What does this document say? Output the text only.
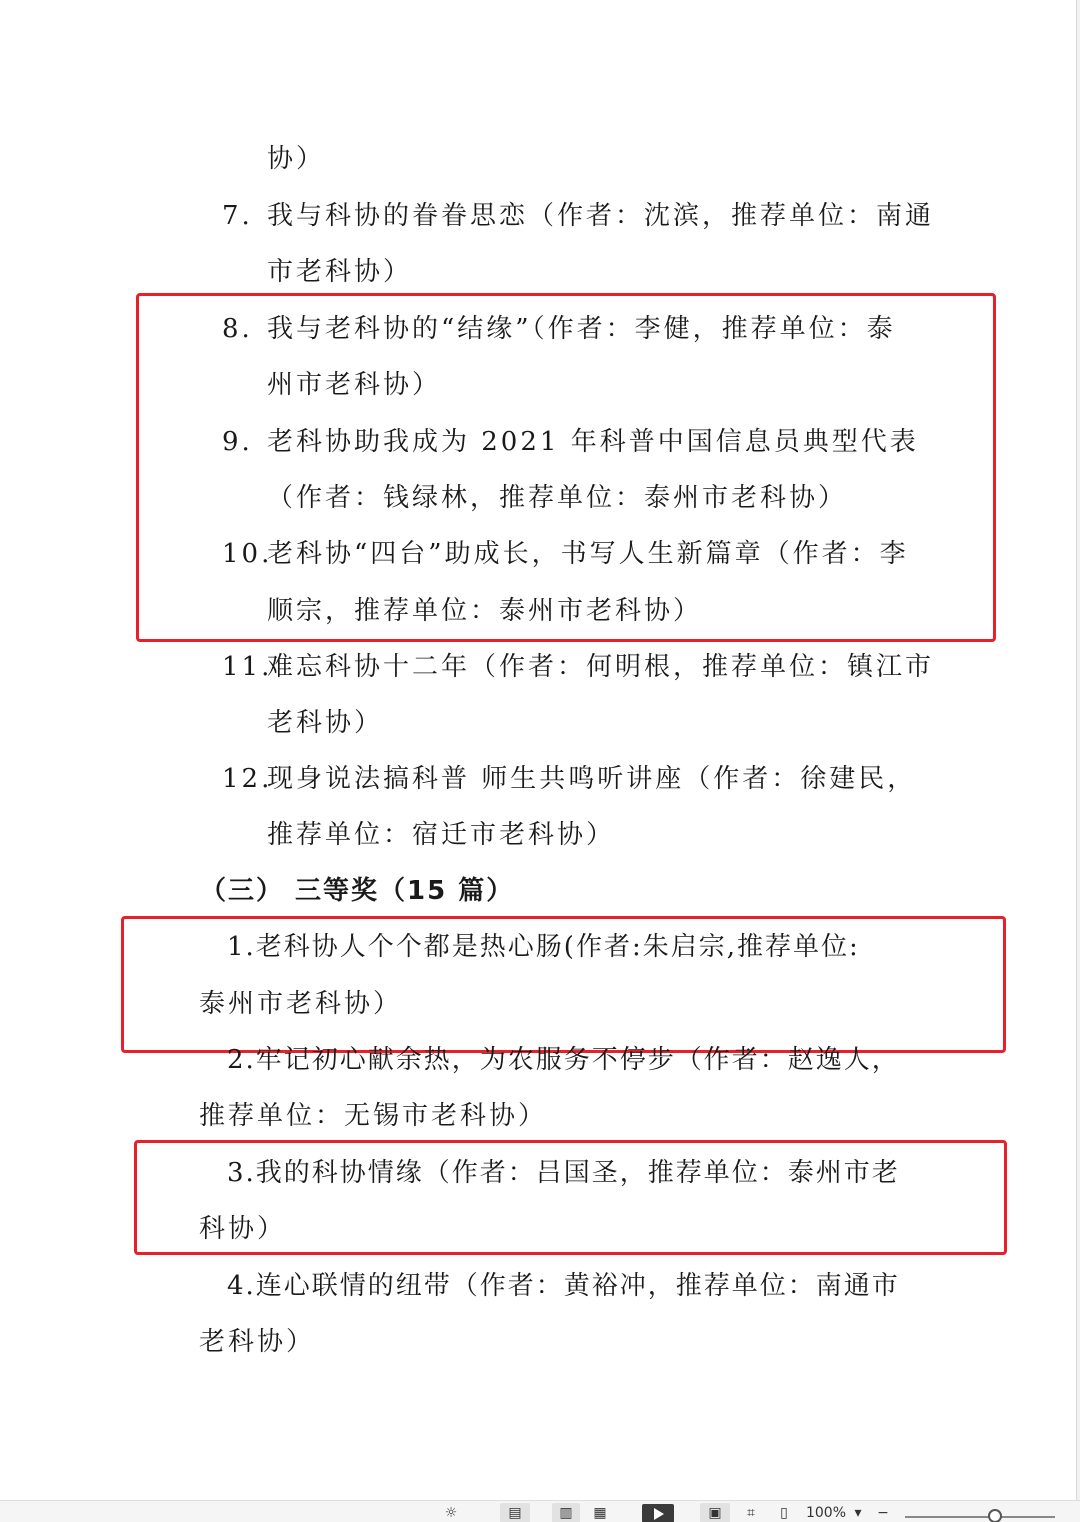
协）
7. 我与科协的眷眷思恋（作者：沈滨，推荐单位：南通
市老科协）
8. 我与老科协的“结缘”（作者：李健，推荐单位：泰
州市老科协）
9. 老科协助我成为 2021 年科普中国信息员典型代表
（作者：钱绿林，推荐单位：泰州市老科协）
10.老科协“四台”助成长，书写人生新篇章（作者：李
顺宗，推荐单位：泰州市老科协）
11.难忘科协十二年（作者：何明根，推荐单位：镇江市
老科协）
12.现身说法搞科普 师生共鸣听讲座（作者：徐建民，
推荐单位：宿迁市老科协）
（三） 三等奖（15 篇）
1.老科协人个个都是热心肠(作者:朱启宗,推荐单位:
泰州市老科协）
2.牢记初心献余热，为农服务不停步（作者：赵逸人，
推荐单位：无锡市老科协）
3.我的科协情缘（作者：吕国圣，推荐单位：泰州市老
科协）
4.连心联情的纽带（作者：黄裕冲，推荐单位：南通市
老科协）
☼	▤	▥	▦	▣	⌗	▯	100% ▾ −
